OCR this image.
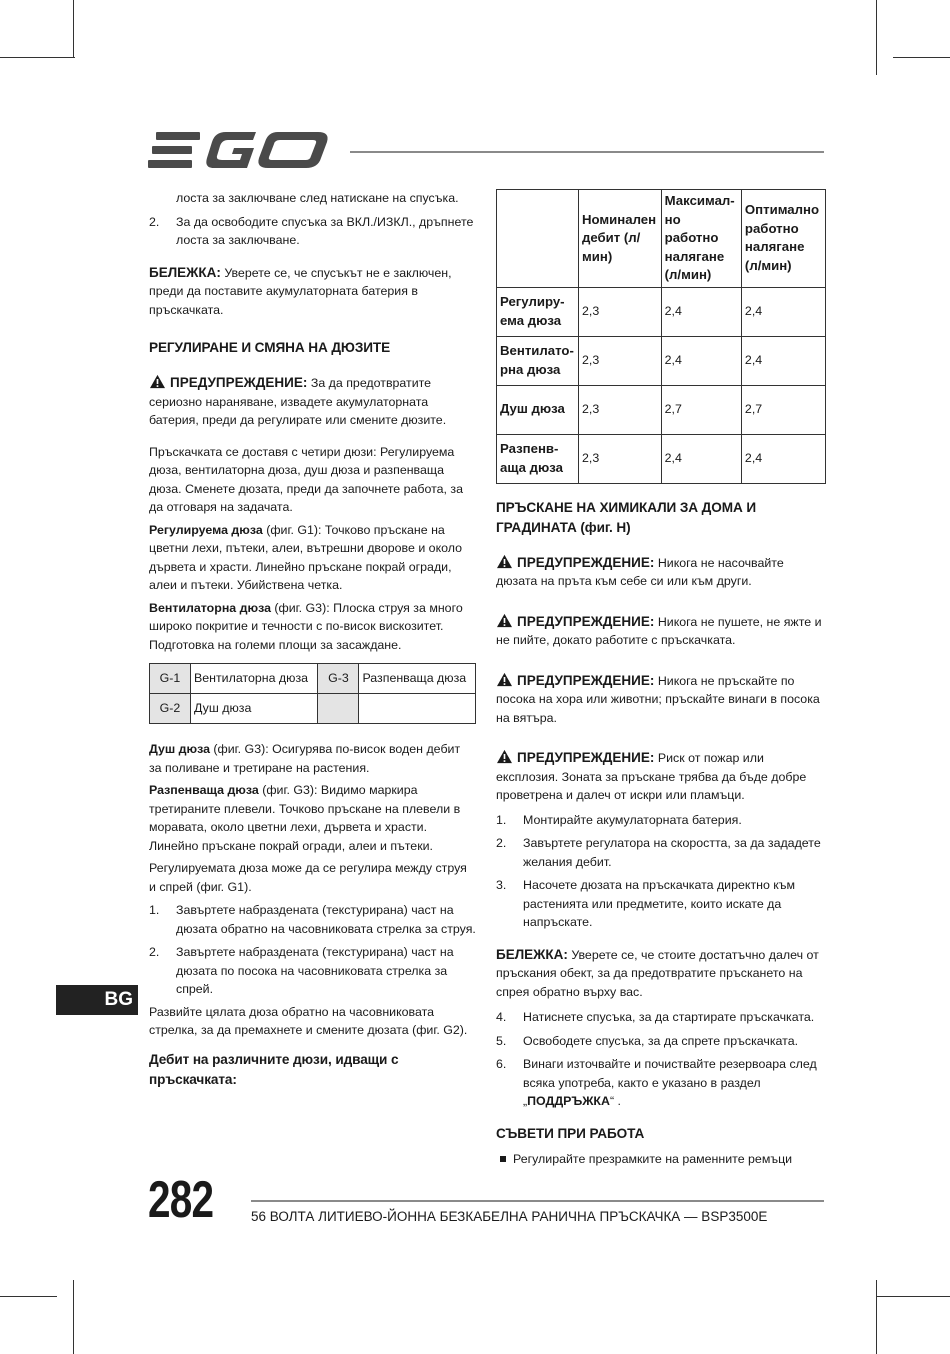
лоста за заключване след натискане на спусъка.

2. За да освободите спусъка за ВКЛ./ИЗКЛ., дръпнете лоста за заключване.

БЕЛЕЖКА: Уверете се, че спусъкът не е заключен, преди да поставите акумулаторната батерия в пръскачката.

РЕГУЛИРАНЕ И СМЯНА НА ДЮЗИТЕ

ПРЕДУПРЕЖДЕНИЕ: За да предотвратите сериозно нараняване, извадете акумулаторната батерия, преди да регулирате или смените дюзите.

Пръскачката се доставя с четири дюзи: Регулируема дюза, вентилаторна дюза, душ дюза и разпенваща дюза. Сменете дюзата, преди да започнете работа, за да отговаря на задачата.

Регулируема дюза (фиг. G1): Точково пръскане на цветни лехи, пътеки, алеи, вътрешни дворове и около дървета и храсти. Линейно пръскане покрай огради, алеи и пътеки. Убийствена четка.

Вентилаторна дюза (фиг. G3): Плоска струя за много широко покритие и течности с по-висок вискозитет. Подготовка на големи площи за засаждане.

G-1	Вентилаторна дюза	G-3	Разпенваща дюза
G-2	Душ дюза		

Душ дюза (фиг. G3): Осигурява по-висок воден дебит за поливане и третиране на растения.

Разпенваща дюза (фиг. G3): Видимо маркира третираните плевели. Точково пръскане на плевели в моравата, около цветни лехи, дървета и храсти. Линейно пръскане покрай огради, алеи и пътеки.

Регулируемата дюза може да се регулира между струя и спрей (фиг. G1).

1. Завъртете набраздената (текстурирана) част на дюзата обратно на часовниковата стрелка за струя.
2. Завъртете набраздената (текстурирана) част на дюзата по посока на часовниковата стрелка за спрей.

Развийте цялата дюза обратно на часовниковата стрелка, за да премахнете и смените дюзата (фиг. G2).

Дебит на различните дюзи, идващи с пръскачката:

	Номинален дебит (л/мин)	Максимал-но работно налягане (л/мин)	Оптимално работно налягане (л/мин)
Регулиру-ема дюза	2,3	2,4	2,4
Вентилато-рна дюза	2,3	2,4	2,4
Душ дюза	2,3	2,7	2,7
Разпенв-аща дюза	2,3	2,4	2,4

ПРЪСКАНЕ НА ХИМИКАЛИ ЗА ДОМА И ГРАДИНАТА (фиг. H)

ПРЕДУПРЕЖДЕНИЕ: Никога не насочвайте дюзата на пръта към себе си или към други.

ПРЕДУПРЕЖДЕНИЕ: Никога не пушете, не яжте и не пийте, докато работите с пръскачката.

ПРЕДУПРЕЖДЕНИЕ: Никога не пръскайте по посока на хора или животни; пръскайте винаги в посока на вятъра.

ПРЕДУПРЕЖДЕНИЕ: Риск от пожар или експлозия. Зоната за пръскане трябва да бъде добре проветрена и далеч от искри или пламъци.

1. Монтирайте акумулаторната батерия.
2. Завъртете регулатора на скоростта, за да зададете желания дебит.
3. Насочете дюзата на пръскачката директно към растенията или предметите, които искате да напръскате.

БЕЛЕЖКА: Уверете се, че стоите достатъчно далеч от пръскания обект, за да предотвратите пръскането на спрея обратно върху вас.

4. Натиснете спусъка, за да стартирате пръскачката.
5. Освободете спусъка, за да спрете пръскачката.
6. Винаги източвайте и почиствайте резервоара след всяка употреба, както е указано в раздел „ПОДДРЪЖКА“ .

СЪВЕТИ ПРИ РАБОТА

Регулирайте презрамките на раменните ремъци
BG
282	56 ВОЛТА ЛИТИЕВО-ЙОННА БЕЗКАБЕЛНА РАНИЧНА ПРЪСКАЧКА — BSP3500E
